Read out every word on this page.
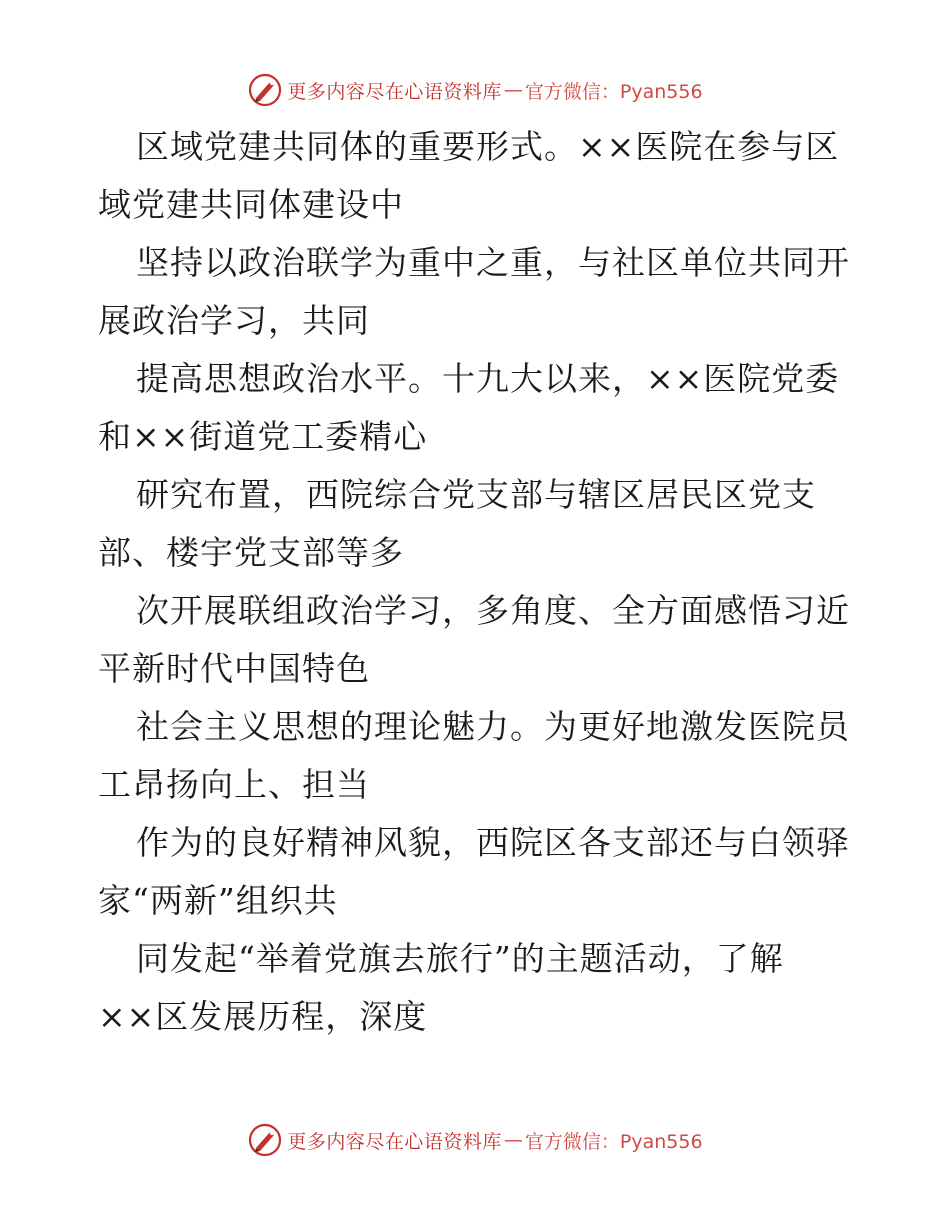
更多内容尽在心语资料库 — 官方微信：Pyan556
区域党建共同体的重要形式。××医院在参与区
域党建共同体建设中
坚持以政治联学为重中之重，与社区单位共同开
展政治学习，共同
提高思想政治水平。十九大以来，××医院党委
和××街道党工委精心
研究布置，西院综合党支部与辖区居民区党支
部、楼宇党支部等多
次开展联组政治学习，多角度、全方面感悟习近
平新时代中国特色
社会主义思想的理论魅力。为更好地激发医院员
工昂扬向上、担当
作为的良好精神风貌，西院区各支部还与白领驿
家“两新”组织共
同发起“举着党旗去旅行”的主题活动，了解
××区发展历程，深度
更多内容尽在心语资料库 — 官方微信：Pyan556
